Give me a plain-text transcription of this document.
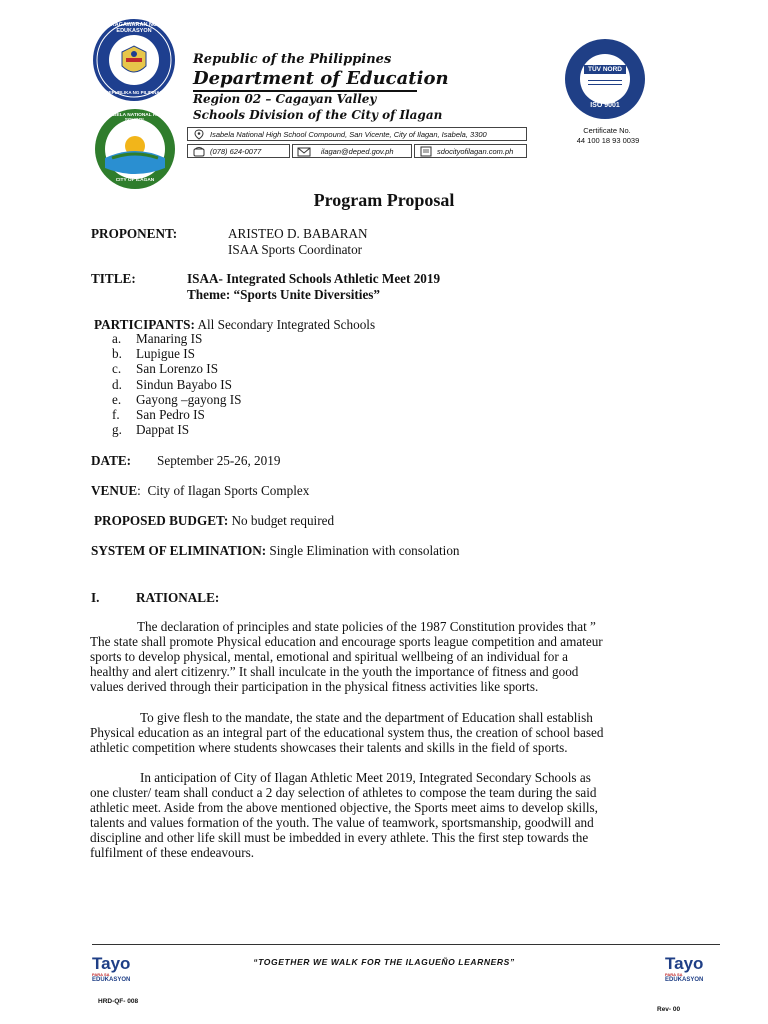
KAGAWARAN NG EDUKASYON
REPUBLIKA NG PILIPINAS
ISABELA NATIONAL HIGH SCHOOL
CITY OF ILAGAN
Republic of the Philippines
Department of Education
Region 02 – Cagayan Valley
Schools Division of the City of Ilagan
Isabela National High School Compound, San Vicente, City of Ilagan, Isabela, 3300
(078) 624-0077	ilagan@deped.gov.ph	sdocityofilagan.com.ph
TÜV NORD
ISO 9001
Certificate No.
44 100 18 93 0039
Program Proposal
PROPONENT:	ARISTEO D. BABARAN
ISAA Sports Coordinator
TITLE:	ISAA- Integrated Schools Athletic Meet 2019
Theme: “Sports Unite Diversities”
PARTICIPANTS: All Secondary Integrated Schools
a. Manaring IS
b. Lupigue IS
c. San Lorenzo IS
d. Sindun Bayabo IS
e. Gayong –gayong IS
f. San Pedro IS
g. Dappat IS
DATE: September 25-26, 2019
VENUE:  City of Ilagan Sports Complex
PROPOSED BUDGET: No budget required
SYSTEM OF ELIMINATION: Single Elimination with consolation
I.	RATIONALE:
The declaration of principles and state policies of the 1987 Constitution provides that ”
The state shall promote Physical education and encourage sports league competition and amateur
sports to develop physical, mental, emotional and spiritual wellbeing of an individual for a
healthy and alert citizenry.” It shall inculcate in the youth the importance of fitness and good
values derived through their participation in the physical fitness activities like sports.
To give flesh to the mandate, the state and the department of Education shall establish
Physical education as an integral part of the educational system thus, the creation of school based
athletic competition where students showcases their talents and skills in the field of sports.
In anticipation of City of Ilagan Athletic Meet 2019, Integrated Secondary Schools as
one cluster/ team shall conduct a 2 day selection of athletes to compose the team during the said
athletic meet. Aside from the above mentioned objective, the Sports meet aims to develop skills,
talents and values formation of the youth. The value of teamwork, sportsmanship, goodwill and
discipline and other life skill must be imbedded in every athlete. This the first step towards the
fulfilment of these endeavours.
“TOGETHER WE WALK FOR THE ILAGUEÑO LEARNERS”
Tayo
PARA SA
EDUKASYON
HRD-QF- 008
Tayo
PARA SA
EDUKASYON
Rev- 00
